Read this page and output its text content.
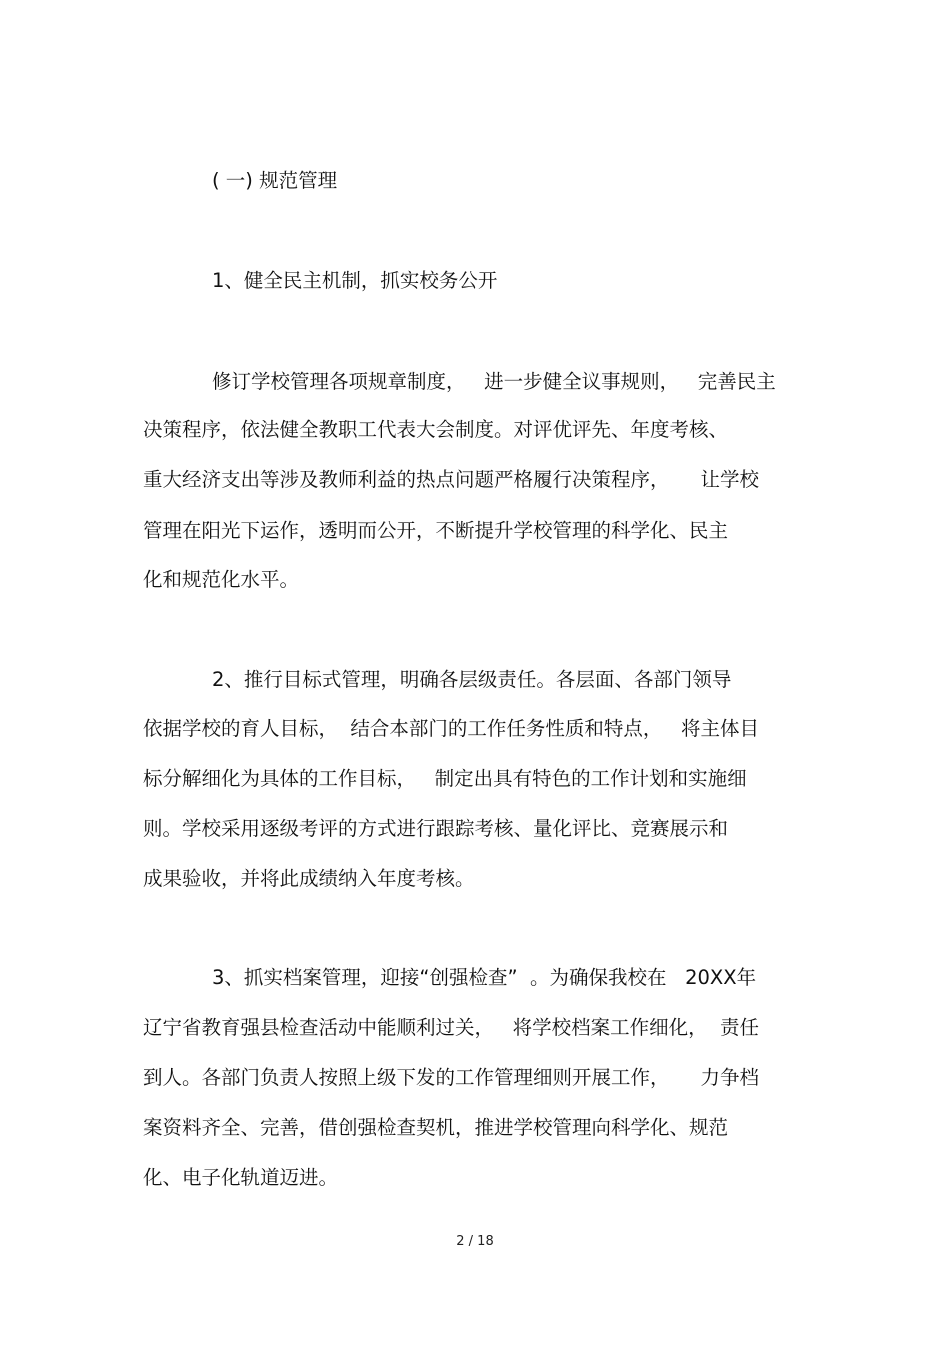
( 一) 规范管理
1、健全民主机制，抓实校务公开
修订学校管理各项规章制度，   进一步健全议事规则，   完善民主
决策程序，依法健全教职工代表大会制度。对评优评先、年度考核、
重大经济支出等涉及教师利益的热点问题严格履行决策程序，     让学校
管理在阳光下运作，透明而公开，不断提升学校管理的科学化、民主
化和规范化水平。
2、推行目标式管理，明确各层级责任。各层面、各部门领导
依据学校的育人目标，  结合本部门的工作任务性质和特点，   将主体目
标分解细化为具体的工作目标，   制定出具有特色的工作计划和实施细
则。学校采用逐级考评的方式进行跟踪考核、量化评比、竞赛展示和
成果验收，并将此成绩纳入年度考核。
3、抓实档案管理，迎接“创强检查”  。为确保我校在   20XX年
辽宁省教育强县检查活动中能顺利过关，   将学校档案工作细化，  责任
到人。各部门负责人按照上级下发的工作管理细则开展工作，     力争档
案资料齐全、完善，借创强检查契机，推进学校管理向科学化、规范
化、电子化轨道迈进。
2 / 18
